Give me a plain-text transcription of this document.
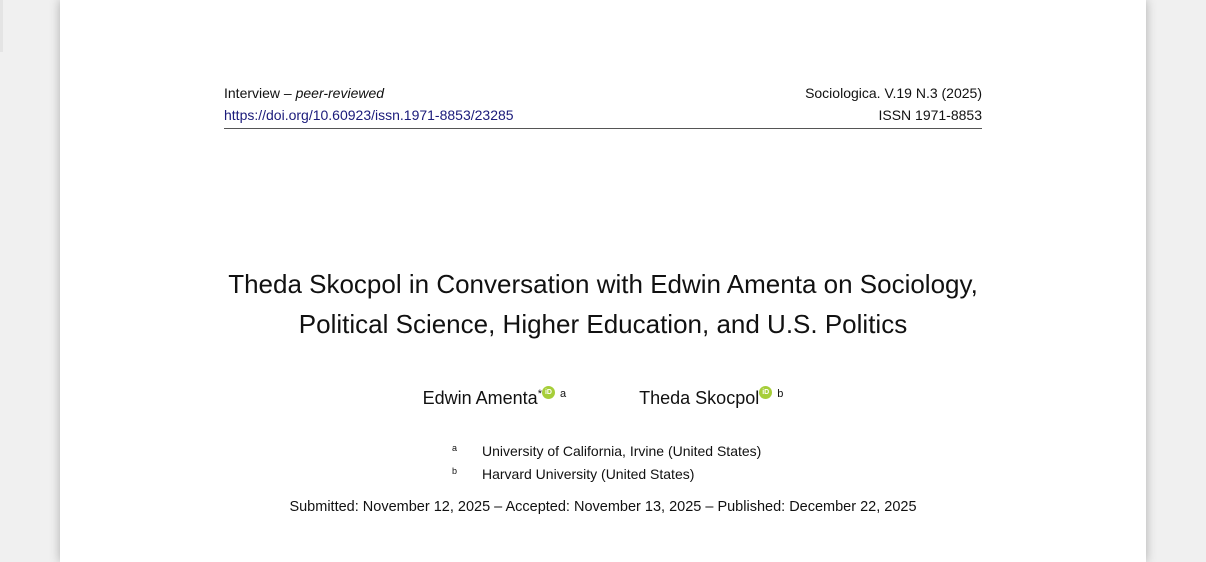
Interview – peer-reviewed	Sociologica. V.19 N.3 (2025)
https://doi.org/10.60923/issn.1971-8853/23285	ISSN 1971-8853
Theda Skocpol in Conversation with Edwin Amenta on Sociology,
Political Science, Higher Education, and U.S. Politics
Edwin Amenta* iD $^a$	Theda Skocpol iD $^b$
a University of California, Irvine (United States)
b Harvard University (United States)
Submitted: November 12, 2025 – Accepted: November 13, 2025 – Published: December 22, 2025
